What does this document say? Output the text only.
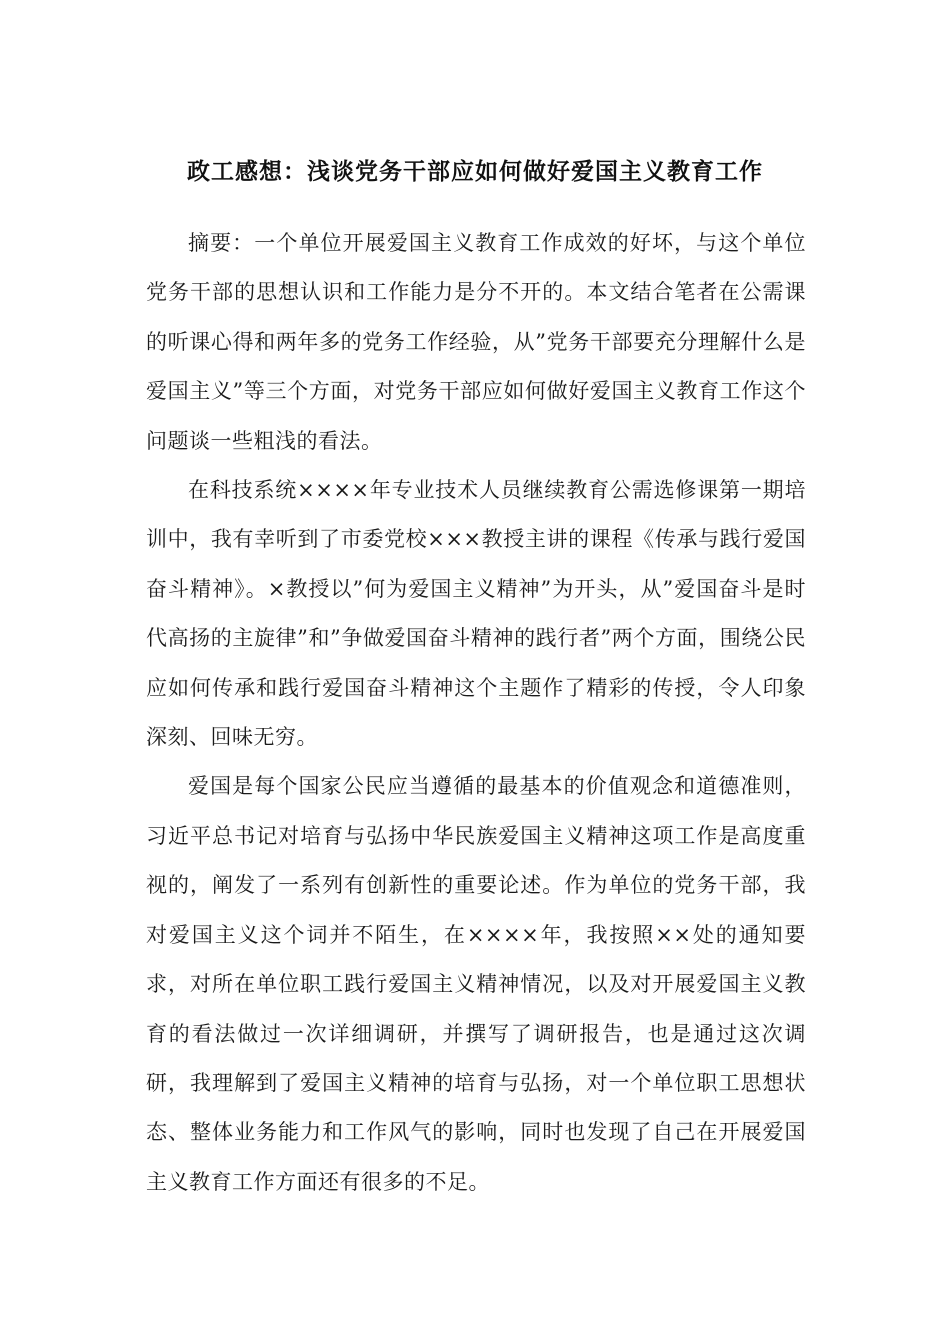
政工感想：浅谈党务干部应如何做好爱国主义教育工作

摘要：一个单位开展爱国主义教育工作成效的好坏，与这个单位党务干部的思想认识和工作能力是分不开的。本文结合笔者在公需课的听课心得和两年多的党务工作经验，从”党务干部要充分理解什么是爱国主义”等三个方面，对党务干部应如何做好爱国主义教育工作这个问题谈一些粗浅的看法。

在科技系统××××年专业技术人员继续教育公需选修课第一期培训中，我有幸听到了市委党校×××教授主讲的课程《传承与践行爱国奋斗精神》。×教授以”何为爱国主义精神”为开头，从”爱国奋斗是时代高扬的主旋律”和”争做爱国奋斗精神的践行者”两个方面，围绕公民应如何传承和践行爱国奋斗精神这个主题作了精彩的传授，令人印象深刻、回味无穷。

爱国是每个国家公民应当遵循的最基本的价值观念和道德准则，习近平总书记对培育与弘扬中华民族爱国主义精神这项工作是高度重视的，阐发了一系列有创新性的重要论述。作为单位的党务干部，我对爱国主义这个词并不陌生，在××××年，我按照××处的通知要求，对所在单位职工践行爱国主义精神情况，以及对开展爱国主义教育的看法做过一次详细调研，并撰写了调研报告，也是通过这次调研，我理解到了爱国主义精神的培育与弘扬，对一个单位职工思想状态、整体业务能力和工作风气的影响，同时也发现了自己在开展爱国主义教育工作方面还有很多的不足。
